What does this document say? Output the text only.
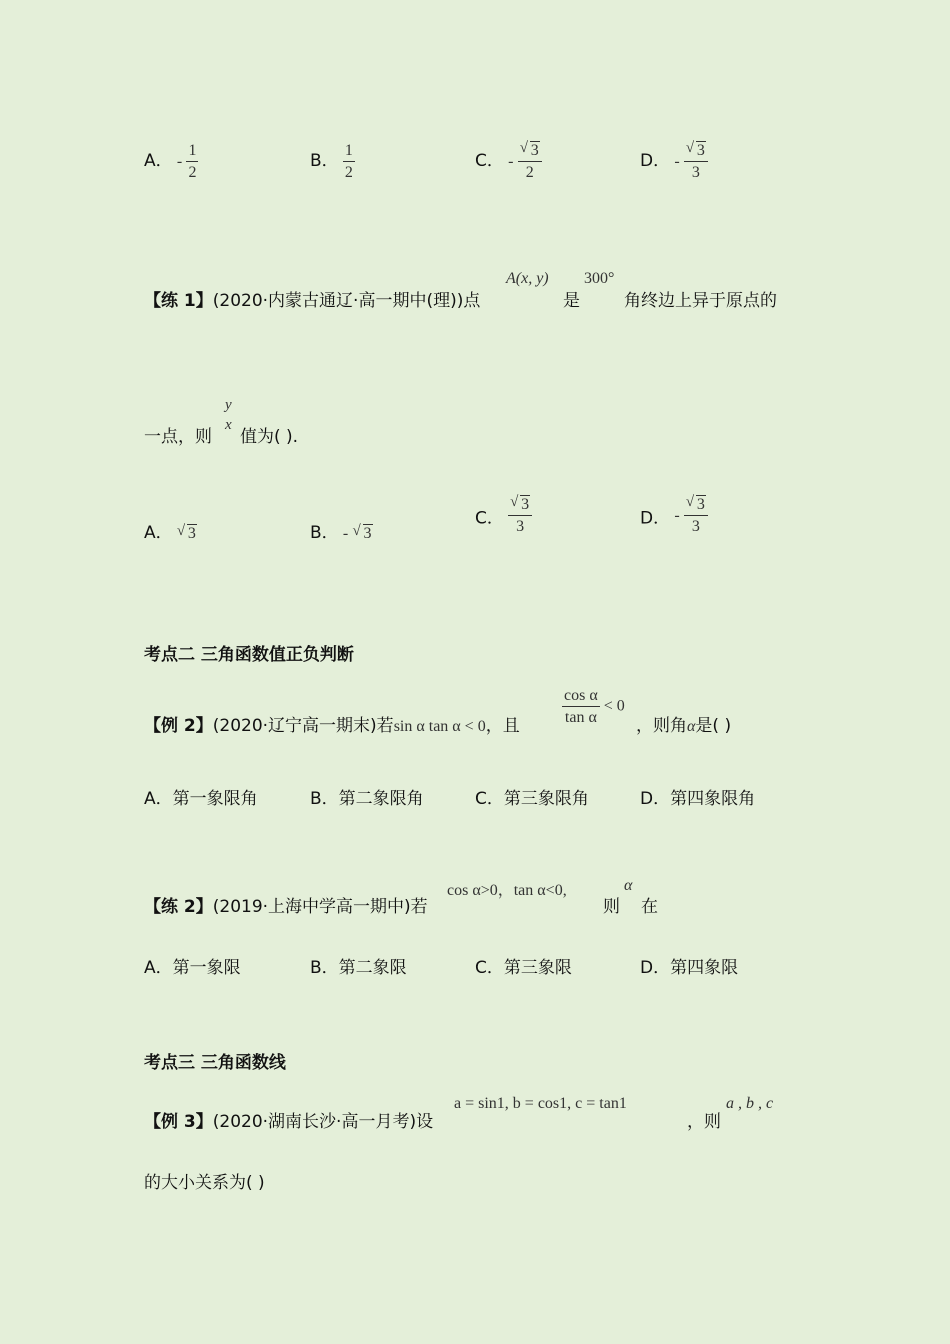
A． - $\frac{1}{2}$	B． $\frac{1}{2}$	C． - √ $\frac{3}{2}$	D． - √ $\frac{3}{3}$
【练 1】(2020·内蒙古通辽·高一期中(理))点
A(x, y)
是
300°
角终边上异于原点的
一点，则
y
x
值为( ).
A． √ 3	B． - √ 3
C． √ $\frac{3}{3}$	D． - √ $\frac{3}{3}$
考点二 三角函数值正负判断
【例 2】(2020·辽宁高一期末)若sin α tan α < 0，且	$\frac{\text{cos α}}{\text{tan α}} < 0$
，则角α是( )
A．第一象限角	B．第二象限角	C．第三象限角	D．第四象限角
【练 2】(2019·上海中学高一期中)若
cos α>0，tan α<0,
则
α
在
A．第一象限	B．第二象限	C．第三象限	D．第四象限
考点三 三角函数线
【例 3】(2020·湖南长沙·高一月考)设
a = sin1, b = cos1, c = tan1
，则
a , b , c
的大小关系为( )
